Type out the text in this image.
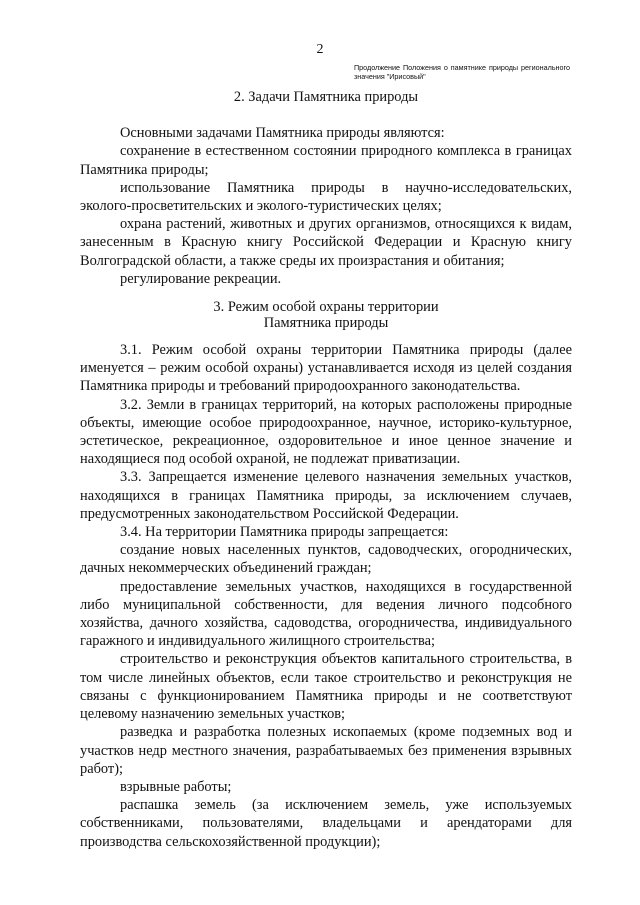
2
Продолжение Положения о памятнике природы регионального значения "Ирисовый"

2. Задачи Памятника природы

Основными задачами Памятника природы являются:

сохранение в естественном состоянии природного комплекса в границах Памятника природы;

использование Памятника природы в научно-исследовательских, эколого-просветительских и эколого-туристических целях;

охрана растений, животных и других организмов, относящихся к видам, занесенным в Красную книгу Российской Федерации и Красную книгу Волгоградской области, а также среды их произрастания и обитания;

регулирование рекреации.

3. Режим особой охраны территории
Памятника природы

3.1. Режим особой охраны территории Памятника природы (далее именуется – режим особой охраны) устанавливается исходя из целей создания Памятника природы и требований природоохранного законодательства.

3.2. Земли в границах территорий, на которых расположены природные объекты, имеющие особое природоохранное, научное, историко-культурное, эстетическое, рекреационное, оздоровительное и иное ценное значение и находящиеся под особой охраной, не подлежат приватизации.

3.3. Запрещается изменение целевого назначения земельных участков, находящихся в границах Памятника природы, за исключением случаев, предусмотренных законодательством Российской Федерации.

3.4. На территории Памятника природы запрещается:

создание новых населенных пунктов, садоводческих, огороднических, дачных некоммерческих объединений граждан;

предоставление земельных участков, находящихся в государственной либо муниципальной собственности, для ведения личного подсобного хозяйства, дачного хозяйства, садоводства, огородничества, индивидуального гаражного и индивидуального жилищного строительства;

строительство и реконструкция объектов капитального строительства, в том числе линейных объектов, если такое строительство и реконструкция не связаны с функционированием Памятника природы и не соответствуют целевому назначению земельных участков;

разведка и разработка полезных ископаемых (кроме подземных вод и участков недр местного значения, разрабатываемых без применения взрывных работ);

взрывные работы;

распашка земель (за исключением земель, уже используемых собственниками, пользователями, владельцами и арендаторами для производства сельскохозяйственной продукции);
